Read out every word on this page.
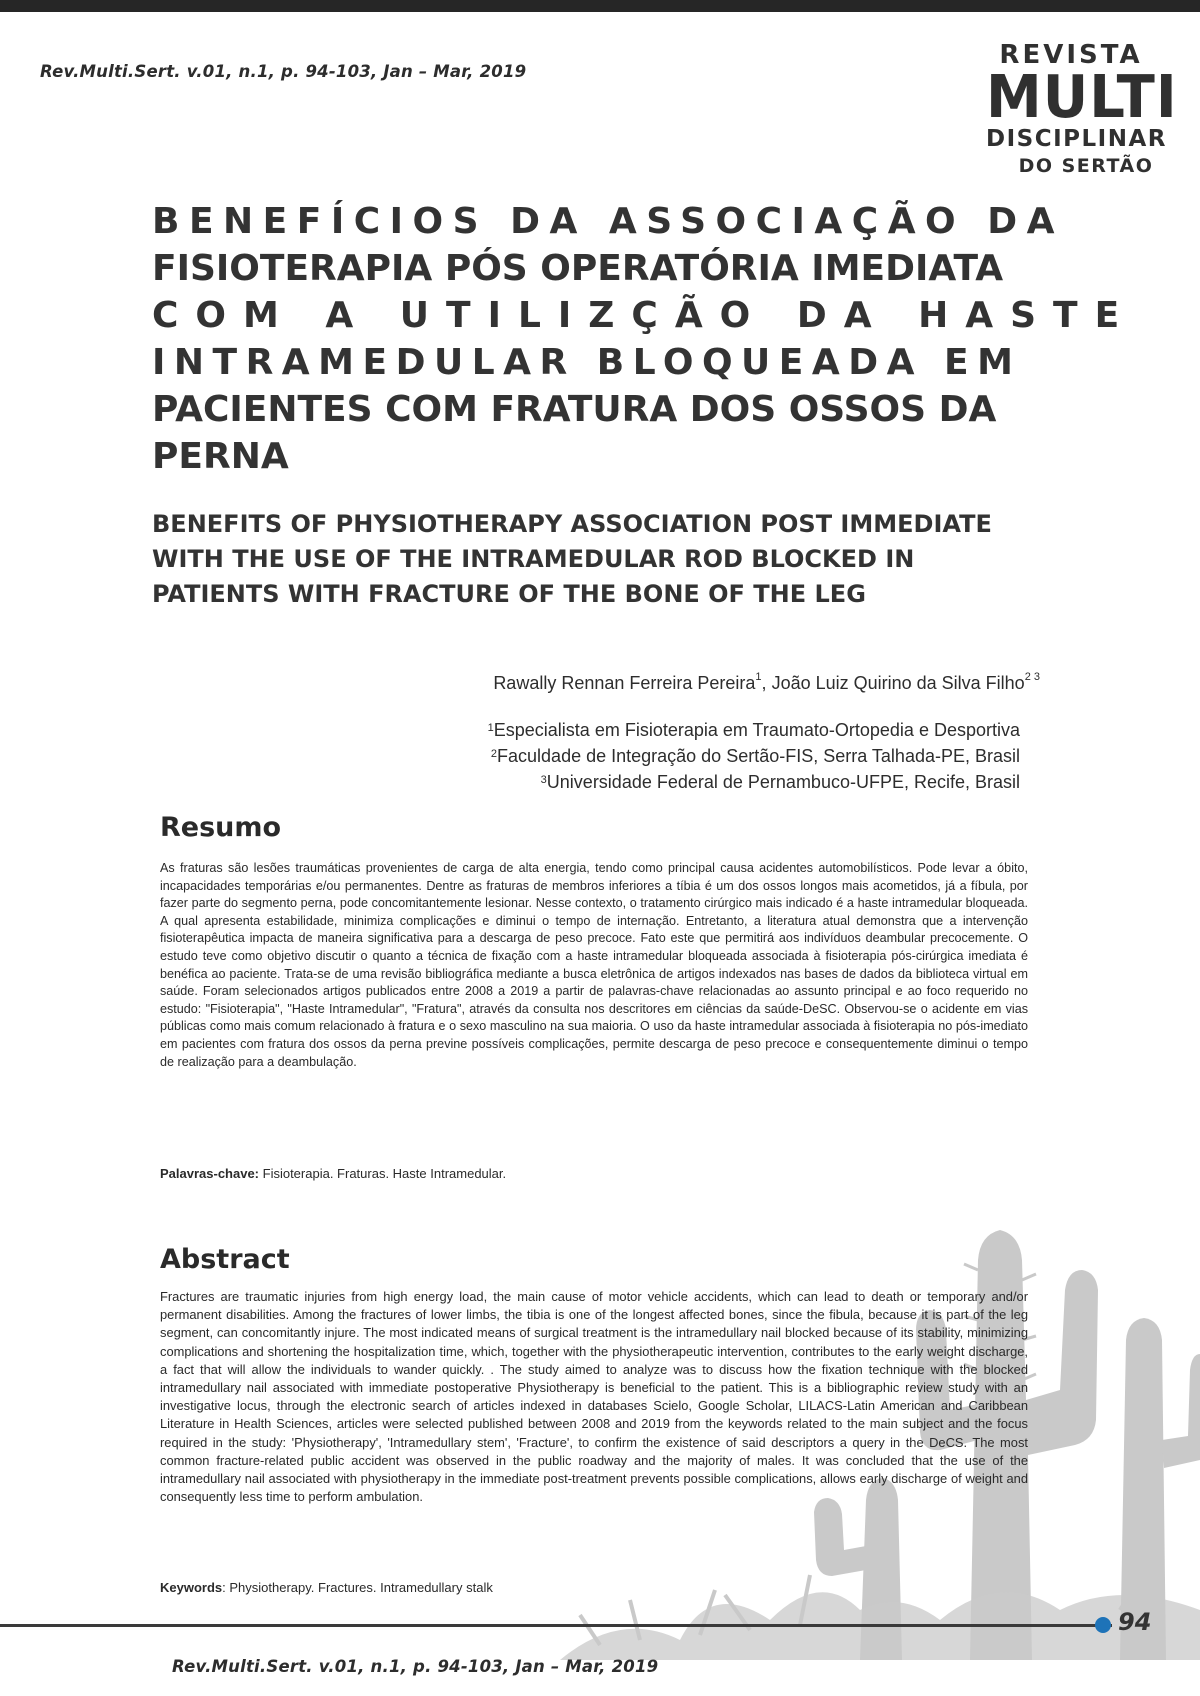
Rev.Multi.Sert. v.01, n.1, p. 94-103, Jan – Mar, 2019
REVISTA
MULTI
DISCIPLINAR
DO SERTÃO
BENEFÍCIOS DA ASSOCIAÇÃO DA
FISIOTERAPIA PÓS OPERATÓRIA IMEDIATA
COM A UTILIZÇÃO DA HASTE
INTRAMEDULAR BLOQUEADA EM
PACIENTES COM FRATURA DOS OSSOS DA
PERNA
BENEFITS OF PHYSIOTHERAPY ASSOCIATION POST IMMEDIATE
WITH THE USE OF THE INTRAMEDULAR ROD BLOCKED IN
PATIENTS WITH FRACTURE OF THE BONE OF THE LEG
Rawally Rennan Ferreira Pereira$^1$, João Luiz Quirino da Silva Filho$^{2 3}$
$^1$Especialista em Fisioterapia em Traumato-Ortopedia e Desportiva
$^2$Faculdade de Integração do Sertão-FIS, Serra Talhada-PE, Brasil
$^3$Universidade Federal de Pernambuco-UFPE, Recife, Brasil
Resumo

As fraturas são lesões traumáticas provenientes de carga de alta energia, tendo como principal causa acidentes automobilísticos. Pode levar a óbito, incapacidades temporárias e/ou permanentes. Dentre as fraturas de membros inferiores a tíbia é um dos ossos longos mais acometidos, já a fíbula, por fazer parte do segmento perna, pode concomitantemente lesionar. Nesse contexto, o tratamento cirúrgico mais indicado é a haste intramedular bloqueada. A qual apresenta estabilidade, minimiza complicações e diminui o tempo de internação. Entretanto, a literatura atual demonstra que a intervenção fisioterapêutica impacta de maneira significativa para a descarga de peso precoce. Fato este que permitirá aos indivíduos deambular precocemente. O estudo teve como objetivo discutir o quanto a técnica de fixação com a haste intramedular bloqueada associada à fisioterapia pós-cirúrgica imediata é benéfica ao paciente. Trata-se de uma revisão bibliográfica mediante a busca eletrônica de artigos indexados nas bases de dados da biblioteca virtual em saúde. Foram selecionados artigos publicados entre 2008 a 2019 a partir de palavras-chave relacionadas ao assunto principal e ao foco requerido no estudo: "Fisioterapia", "Haste Intramedular", "Fratura", através da consulta nos descritores em ciências da saúde-DeSC. Observou-se o acidente em vias públicas como mais comum relacionado à fratura e o sexo masculino na sua maioria. O uso da haste intramedular associada à fisioterapia no pós-imediato em pacientes com fratura dos ossos da perna previne possíveis complicações, permite descarga de peso precoce e consequentemente diminui o tempo de realização para a deambulação.

Palavras-chave: Fisioterapia. Fraturas. Haste Intramedular.
Abstract

Fractures are traumatic injuries from high energy load, the main cause of motor vehicle accidents, which can lead to death or temporary and/or permanent disabilities. Among the fractures of lower limbs, the tibia is one of the longest affected bones, since the fibula, because it is part of the leg segment, can concomitantly injure. The most indicated means of surgical treatment is the intramedullary nail blocked because of its stability, minimizing complications and shortening the hospitalization time, which, together with the physiotherapeutic intervention, contributes to the early weight discharge, a fact that will allow the individuals to wander quickly. . The study aimed to analyze was to discuss how the fixation technique with the blocked intramedullary nail associated with immediate postoperative Physiotherapy is beneficial to the patient. This is a bibliographic review study with an investigative locus, through the electronic search of articles indexed in databases Scielo, Google Scholar, LILACS-Latin American and Caribbean Literature in Health Sciences, articles were selected published between 2008 and 2019 from the keywords related to the main subject and the focus required in the study: 'Physiotherapy', 'Intramedullary stem', 'Fracture', to confirm the existence of said descriptors a query in the DeCS. The most common fracture-related public accident was observed in the public roadway and the majority of males. It was concluded that the use of the intramedullary nail associated with physiotherapy in the immediate post-treatment prevents possible complications, allows early discharge of weight and consequently less time to perform ambulation.

Keywords: Physiotherapy. Fractures. Intramedullary stalk
94
Rev.Multi.Sert. v.01, n.1, p. 94-103, Jan – Mar, 2019
